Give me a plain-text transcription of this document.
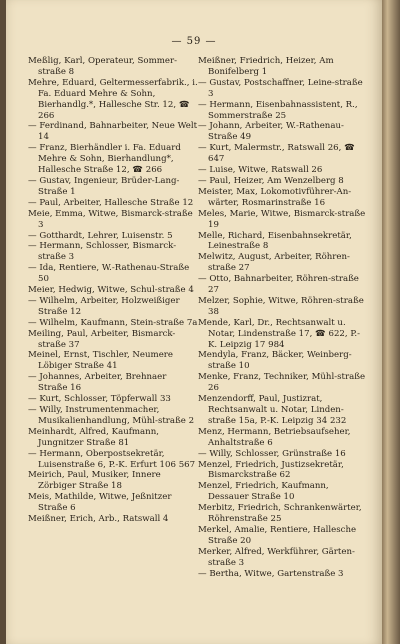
— 59 —

Meßlig, Karl, Operateur, Sommer-straße 8

Mehre, Eduard, Geltermesserfabrik., i. Fa. Eduard Mehre & Sohn, Bierhandlg.*, Hallesche Str. 12, ☎ 266

— Ferdinand, Bahnarbeiter, Neue Welt 14

— Franz, Bierhändler i. Fa. Eduard Mehre & Sohn, Bierhandlung*, Hallesche Straße 12, ☎ 266

— Gustav, Ingenieur, Brüder-Lang-Straße 1

— Paul, Arbeiter, Hallesche Straße 12

Meie, Emma, Witwe, Bismarck-straße 3

— Gotthardt, Lehrer, Luisenstr. 5

— Hermann, Schlosser, Bismarck-straße 3

— Ida, Rentiere, W.-Rathenau-Straße 50

Meier, Hedwig, Witwe, Schul-straße 4

— Wilhelm, Arbeiter, Holzweißiger Straße 12

— Wilhelm, Kaufmann, Stein-straße 7a

Meiling, Paul, Arbeiter, Bismarck-straße 37

Meinel, Ernst, Tischler, Neumere Löbiger Straße 41

— Johannes, Arbeiter, Brehnaer Straße 16

— Kurt, Schlosser, Töpferwall 33

— Willy, Instrumentenmacher, Musikalienhandlung, Mühl-straße 2

Meinhardt, Alfred, Kaufmann, Jungnitzer Straße 81

— Hermann, Oberpostsekretär, Luisenstraße 6, P.-K. Erfurt 106 567

Meirich, Paul, Musiker, Innere Zörbiger Straße 18

Meis, Mathilde, Witwe, Jeßnitzer Straße 6

Meißner, Erich, Arb., Ratswall 4

Meißner, Friedrich, Heizer, Am Bonifelberg 1

— Gustav, Postschaffner, Leine-straße 3

— Hermann, Eisenbahnassistent, R., Sommerstraße 25

— Johann, Arbeiter, W.-Rathenau-Straße 49

— Kurt, Malermstr., Ratswall 26, ☎ 647

— Luise, Witwe, Ratswall 26

— Paul, Heizer, Am Wenzelberg 8

Meister, Max, Lokomotivführer-An-wärter, Rosmarinstraße 16

Meles, Marie, Witwe, Bismarck-straße 19

Melle, Richard, Eisenbahnsekretär, Leinestraße 8

Melwitz, August, Arbeiter, Röhren-straße 27

— Otto, Bahnarbeiter, Röhren-straße 27

Melzer, Sophie, Witwe, Röhren-straße 38

Mende, Karl, Dr., Rechtsanwalt u. Notar, Lindenstraße 17, ☎ 622, P.-K. Leipzig 17 984

Mendyla, Franz, Bäcker, Weinberg-straße 10

Menke, Franz, Techniker, Mühl-straße 26

Menzendorff, Paul, Justizrat, Rechtsanwalt u. Notar, Linden-straße 15a, P.-K. Leipzig 34 232

Menz, Hermann, Betriebsaufseher, Anhaltstraße 6

— Willy, Schlosser, Grünstraße 16

Menzel, Friedrich, Justizsekretär, Bismarckstraße 62

Menzel, Friedrich, Kaufmann, Dessauer Straße 10

Merbitz, Friedrich, Schrankenwärter, Röhrenstraße 25

Merkel, Amalie, Rentiere, Hallesche Straße 20

Merker, Alfred, Werkführer, Gärten-straße 3

— Bertha, Witwe, Gartenstraße 3
